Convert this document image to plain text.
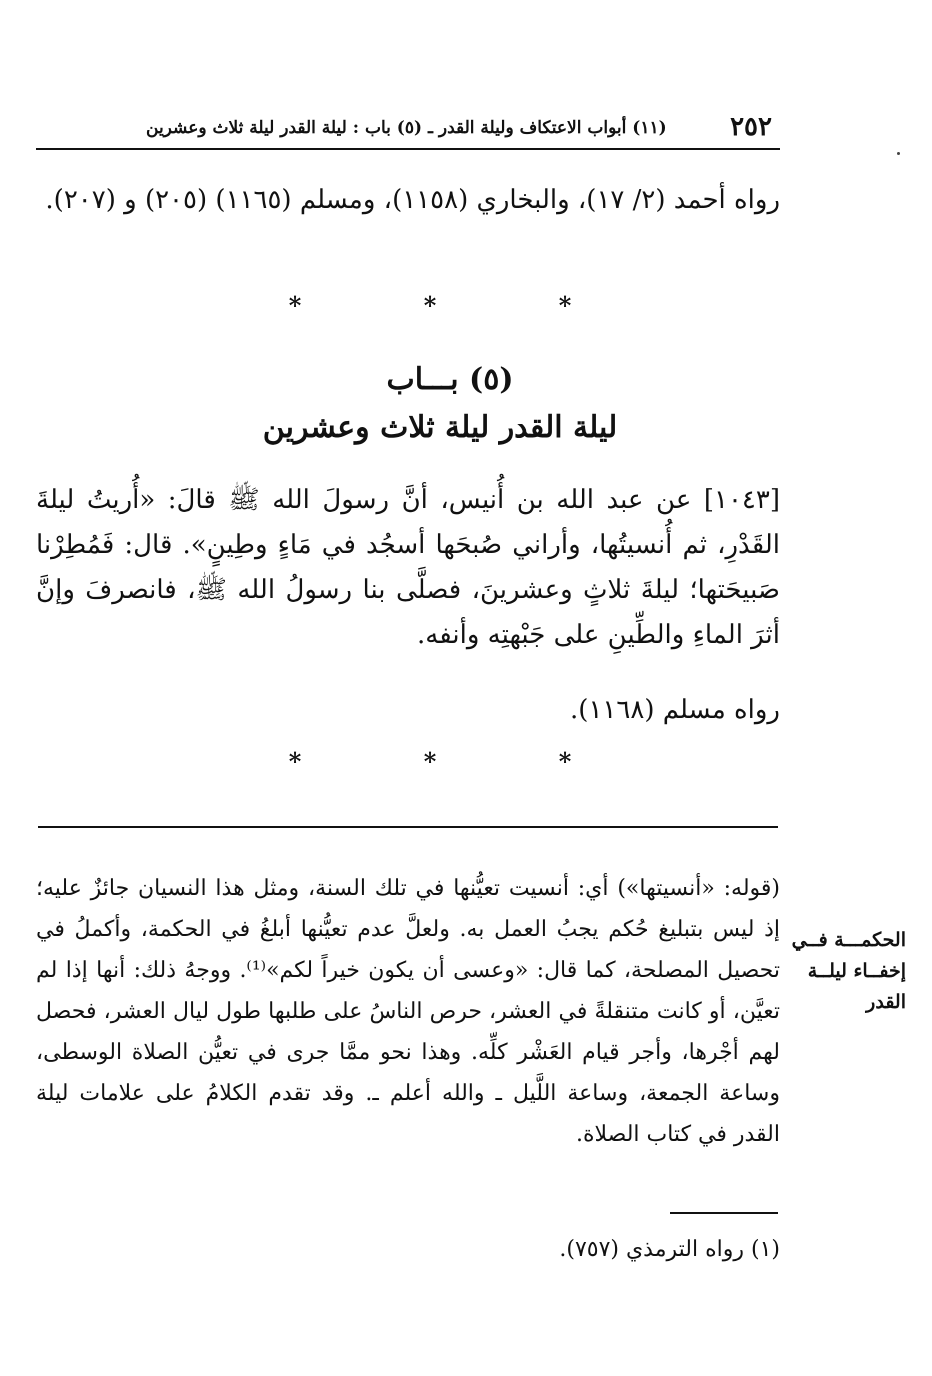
٢٥٢
(١١) أبواب الاعتكاف وليلة القدر ـ (٥) باب : ليلة القدر ليلة ثلاث وعشرين
رواه أحمد (٢/ ١٧)، والبخاري (١١٥٨)، ومسلم (١١٦٥) (٢٠٥) و (٢٠٧).
*	*	*
(٥) بـــاب
ليلة القدر ليلة ثلاث وعشرين
[١٠٤٣] عن عبد الله بن أُنيس، أنَّ رسولَ الله ﷺ قالَ: «أُريتُ ليلةَ القَدْرِ، ثم أُنسيتُها، وأراني صُبحَها أسجُد في مَاءٍ وطِينٍ». قال: فَمُطِرْنا صَبيحَتها؛ ليلةَ ثلاثٍ وعشرينَ، فصلَّى بنا رسولُ الله ﷺ، فانصرفَ وإنَّ أثرَ الماءِ والطِّينِ على جَبْهتِه وأنفه.
رواه مسلم (١١٦٨).
*	*	*
(قوله: «أنسيتها») أي: أنسيت تعيُّنها في تلك السنة، ومثل هذا النسيان جائزٌ عليه؛ إذ ليس بتبليغ حُكم يجبُ العمل به. ولعلَّ عدم تعيُّنها أبلغُ في الحكمة، وأكملُ في تحصيل المصلحة، كما قال: «وعسى أن يكون خيراً لكم»⁽¹⁾. ووجهُ ذلك: أنها إذا لم تعيَّن، أو كانت متنقلةً في العشر، حرص الناسُ على طلبها طول ليال العشر، فحصل لهم أجْرها، وأجر قيام العَشْر كلِّه. وهذا نحو ممَّا جرى في تعيُّن الصلاة الوسطى، وساعة الجمعة، وساعة اللَّيل ـ والله أعلم ـ. وقد تقدم الكلامُ على علامات ليلة القدر في كتاب الصلاة.
الحكمـــة فــي
إخفــاء ليلــة
القدر
(١) رواه الترمذي (٧٥٧).
